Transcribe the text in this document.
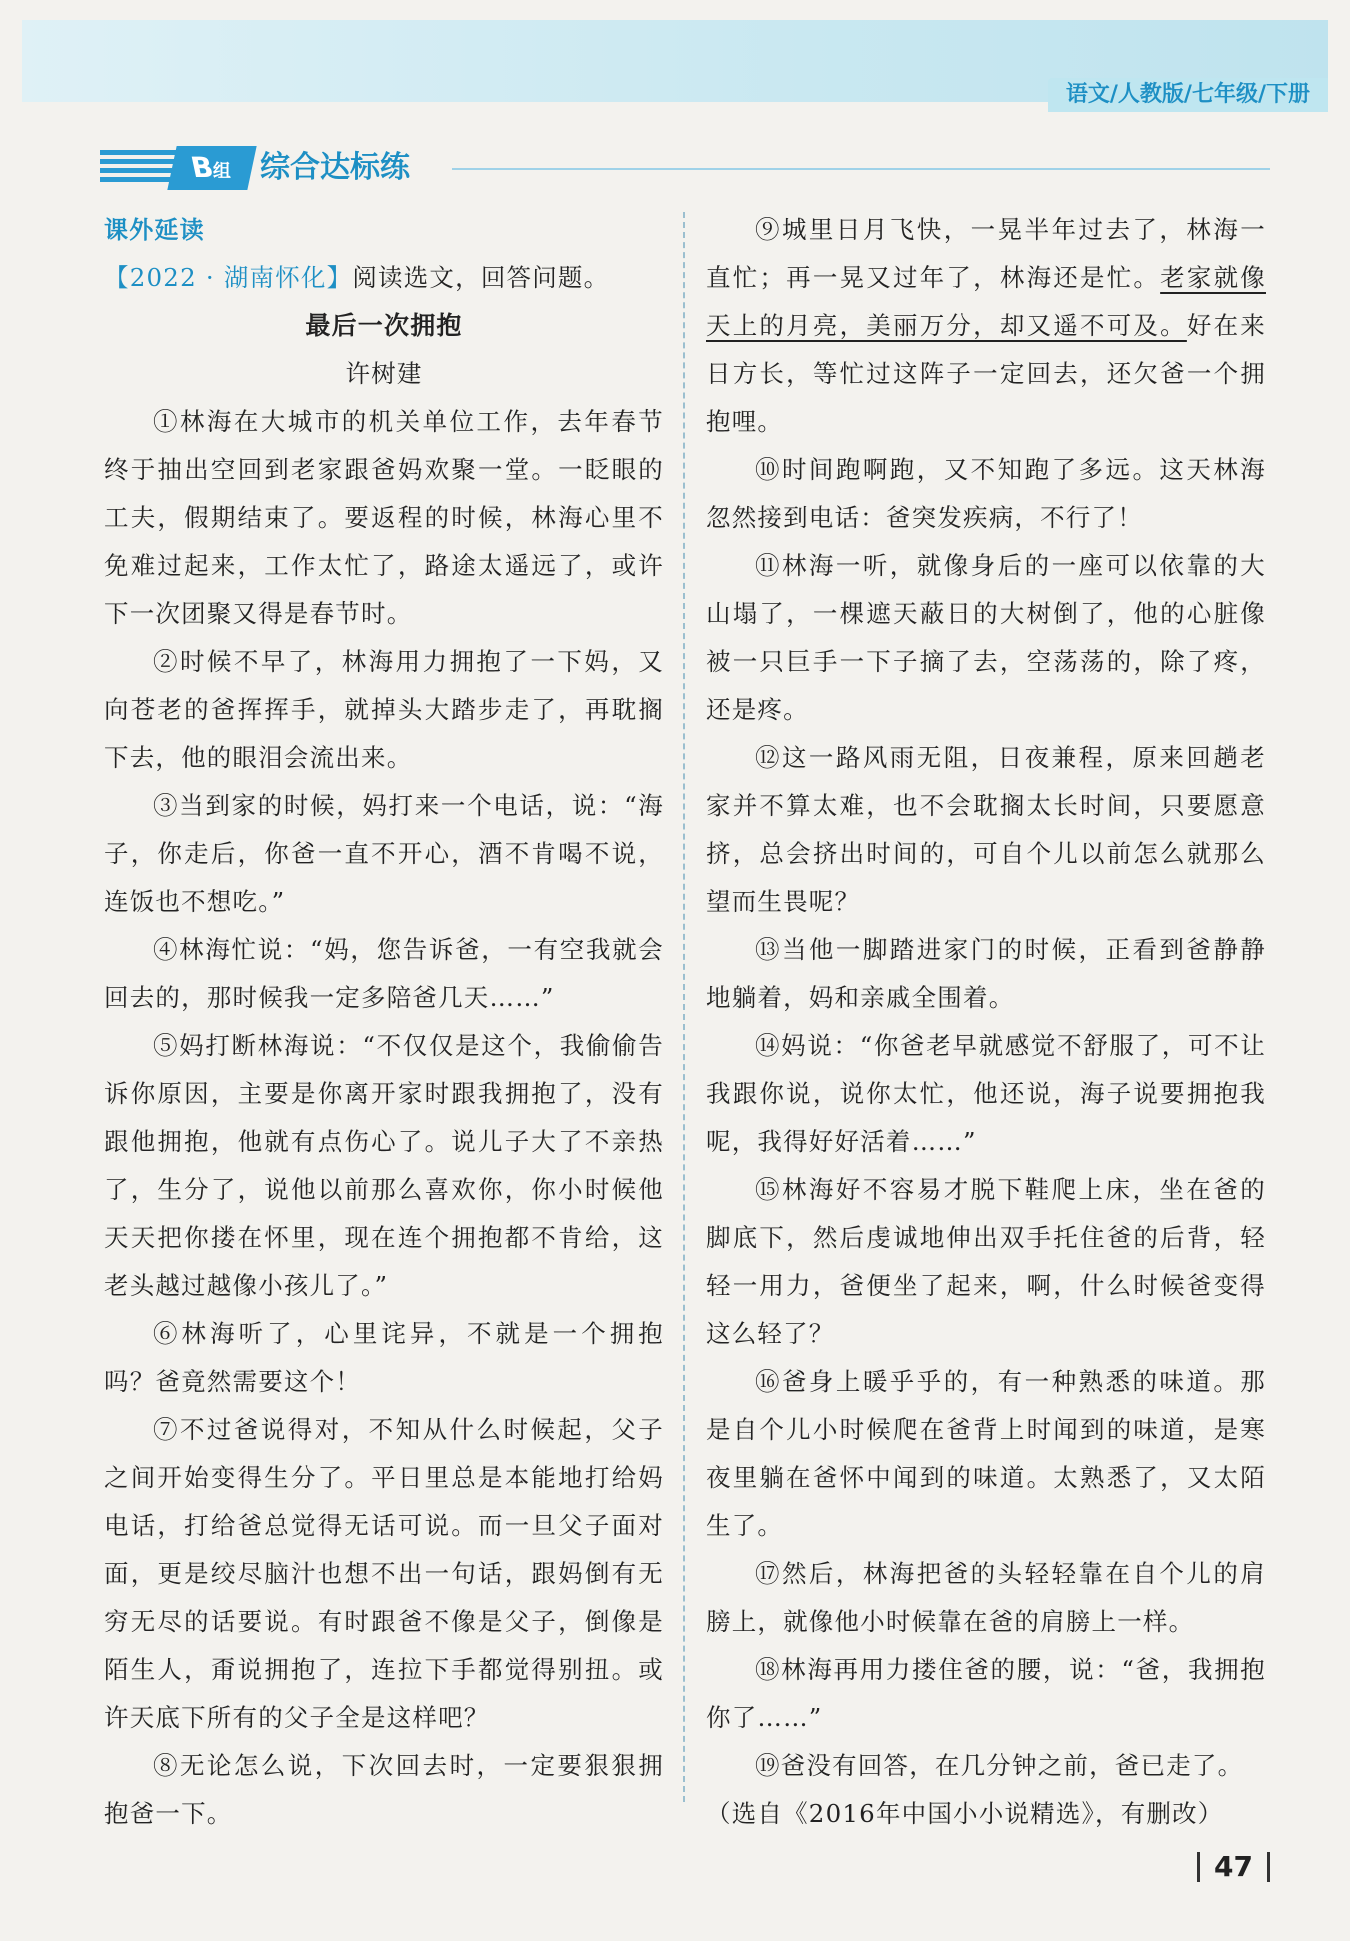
语文/人教版/七年级/下册
B组 综合达标练
课外延读
【2022 · 湖南怀化】阅读选文，回答问题。
最后一次拥抱
许树建

①林海在大城市的机关单位工作，去年春节终于抽出空回到老家跟爸妈欢聚一堂。一眨眼的工夫，假期结束了。要返程的时候，林海心里不免难过起来，工作太忙了，路途太遥远了，或许下一次团聚又得是春节时。

②时候不早了，林海用力拥抱了一下妈，又向苍老的爸挥挥手，就掉头大踏步走了，再耽搁下去，他的眼泪会流出来。

③当到家的时候，妈打来一个电话，说：“海子，你走后，你爸一直不开心，酒不肯喝不说，连饭也不想吃。”

④林海忙说：“妈，您告诉爸，一有空我就会回去的，那时候我一定多陪爸几天……”

⑤妈打断林海说：“不仅仅是这个，我偷偷告诉你原因，主要是你离开家时跟我拥抱了，没有跟他拥抱，他就有点伤心了。说儿子大了不亲热了，生分了，说他以前那么喜欢你，你小时候他天天把你搂在怀里，现在连个拥抱都不肯给，这老头越过越像小孩儿了。”

⑥林海听了，心里诧异，不就是一个拥抱吗？爸竟然需要这个！

⑦不过爸说得对，不知从什么时候起，父子之间开始变得生分了。平日里总是本能地打给妈电话，打给爸总觉得无话可说。而一旦父子面对面，更是绞尽脑汁也想不出一句话，跟妈倒有无穷无尽的话要说。有时跟爸不像是父子，倒像是陌生人，甭说拥抱了，连拉下手都觉得别扭。或许天底下所有的父子全是这样吧？

⑧无论怎么说，下次回去时，一定要狠狠拥抱爸一下。

⑨城里日月飞快，一晃半年过去了，林海一直忙；再一晃又过年了，林海还是忙。老家就像天上的月亮，美丽万分，却又遥不可及。好在来日方长，等忙过这阵子一定回去，还欠爸一个拥抱哩。

⑩时间跑啊跑，又不知跑了多远。这天林海忽然接到电话：爸突发疾病，不行了！

⑪林海一听，就像身后的一座可以依靠的大山塌了，一棵遮天蔽日的大树倒了，他的心脏像被一只巨手一下子摘了去，空荡荡的，除了疼，还是疼。

⑫这一路风雨无阻，日夜兼程，原来回趟老家并不算太难，也不会耽搁太长时间，只要愿意挤，总会挤出时间的，可自个儿以前怎么就那么望而生畏呢？

⑬当他一脚踏进家门的时候，正看到爸静静地躺着，妈和亲戚全围着。

⑭妈说：“你爸老早就感觉不舒服了，可不让我跟你说，说你太忙，他还说，海子说要拥抱我呢，我得好好活着……”

⑮林海好不容易才脱下鞋爬上床，坐在爸的脚底下，然后虔诚地伸出双手托住爸的后背，轻轻一用力，爸便坐了起来，啊，什么时候爸变得这么轻了？

⑯爸身上暖乎乎的，有一种熟悉的味道。那是自个儿小时候爬在爸背上时闻到的味道，是寒夜里躺在爸怀中闻到的味道。太熟悉了，又太陌生了。

⑰然后，林海把爸的头轻轻靠在自个儿的肩膀上，就像他小时候靠在爸的肩膀上一样。

⑱林海再用力搂住爸的腰，说：“爸，我拥抱你了……”

⑲爸没有回答，在几分钟之前，爸已走了。

（选自《2016年中国小小说精选》，有删改）

47
